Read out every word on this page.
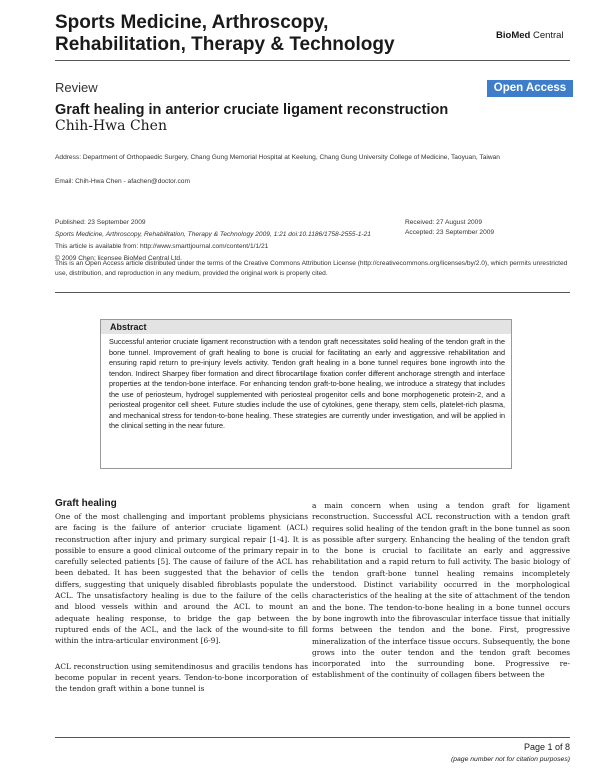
Sports Medicine, Arthroscopy,
Rehabilitation, Therapy & Technology	BioMed Central
Review	Open Access
Graft healing in anterior cruciate ligament reconstruction
Chih-Hwa Chen
Address: Department of Orthopaedic Surgery, Chang Gung Memorial Hospital at Keelung, Chang Gung University College of Medicine, Taoyuan, Taiwan
Email: Chih-Hwa Chen - afachen@doctor.com
Published: 23 September 2009
Sports Medicine, Arthroscopy, Rehabilitation, Therapy & Technology 2009, 1:21 doi:10.1186/1758-2555-1-21
This article is available from: http://www.smarttjournal.com/content/1/1/21
© 2009 Chen; licensee BioMed Central Ltd.
Received: 27 August 2009
Accepted: 23 September 2009
This is an Open Access article distributed under the terms of the Creative Commons Attribution License (http://creativecommons.org/licenses/by/2.0), which permits unrestricted use, distribution, and reproduction in any medium, provided the original work is properly cited.
Abstract
Successful anterior cruciate ligament reconstruction with a tendon graft necessitates solid healing of the tendon graft in the bone tunnel. Improvement of graft healing to bone is crucial for facilitating an early and aggressive rehabilitation and ensuring rapid return to pre-injury levels activity. Tendon graft healing in a bone tunnel requires bone ingrowth into the tendon. Indirect Sharpey fiber formation and direct fibrocartilage fixation confer different anchorage strength and interface properties at the tendon-bone interface. For enhancing tendon graft-to-bone healing, we introduce a strategy that includes the use of periosteum, hydrogel supplemented with periosteal progenitor cells and bone morphogenetic protein-2, and a periosteal progenitor cell sheet. Future studies include the use of cytokines, gene therapy, stem cells, platelet-rich plasma, and mechanical stress for tendon-to-bone healing. These strategies are currently under investigation, and will be applied in the clinical setting in the near future.
Graft healing

One of the most challenging and important problems physicians are facing is the failure of anterior cruciate ligament (ACL) reconstruction after injury and primary surgical repair [1-4]. It is possible to ensure a good clinical outcome of the primary repair in carefully selected patients [5]. The cause of failure of the ACL has been debated. It has been suggested that the behavior of cells differs, suggesting that uniquely disabled fibroblasts populate the ACL. The unsatisfactory healing is due to the failure of the cells and blood vessels within and around the ACL to mount an adequate healing response, to bridge the gap between the ruptured ends of the ACL, and the lack of the wound-site to fill within the intra-articular environment [6-9].

ACL reconstruction using semitendinosus and gracilis tendons has become popular in recent years. Tendon-to-bone incorporation of the tendon graft within a bone tunnel is

a main concern when using a tendon graft for ligament reconstruction. Successful ACL reconstruction with a tendon graft requires solid healing of the tendon graft in the bone tunnel as soon as possible after surgery. Enhancing the healing of the tendon graft to the bone is crucial to facilitate an early and aggressive rehabilitation and a rapid return to full activity. The basic biology of the tendon graft-bone tunnel healing remains incompletely understood. Distinct variability occurred in the morphological characteristics of the healing at the site of attachment of the tendon and the bone. The tendon-to-bone healing in a bone tunnel occurs by bone ingrowth into the fibrovascular interface tissue that initially forms between the tendon and the bone. First, progressive mineralization of the interface tissue occurs. Subsequently, the bone grows into the outer tendon and the tendon graft becomes incorporated into the surrounding bone. Progressive re-establishment of the continuity of collagen fibers between the

Page 1 of 8
(page number not for citation purposes)
